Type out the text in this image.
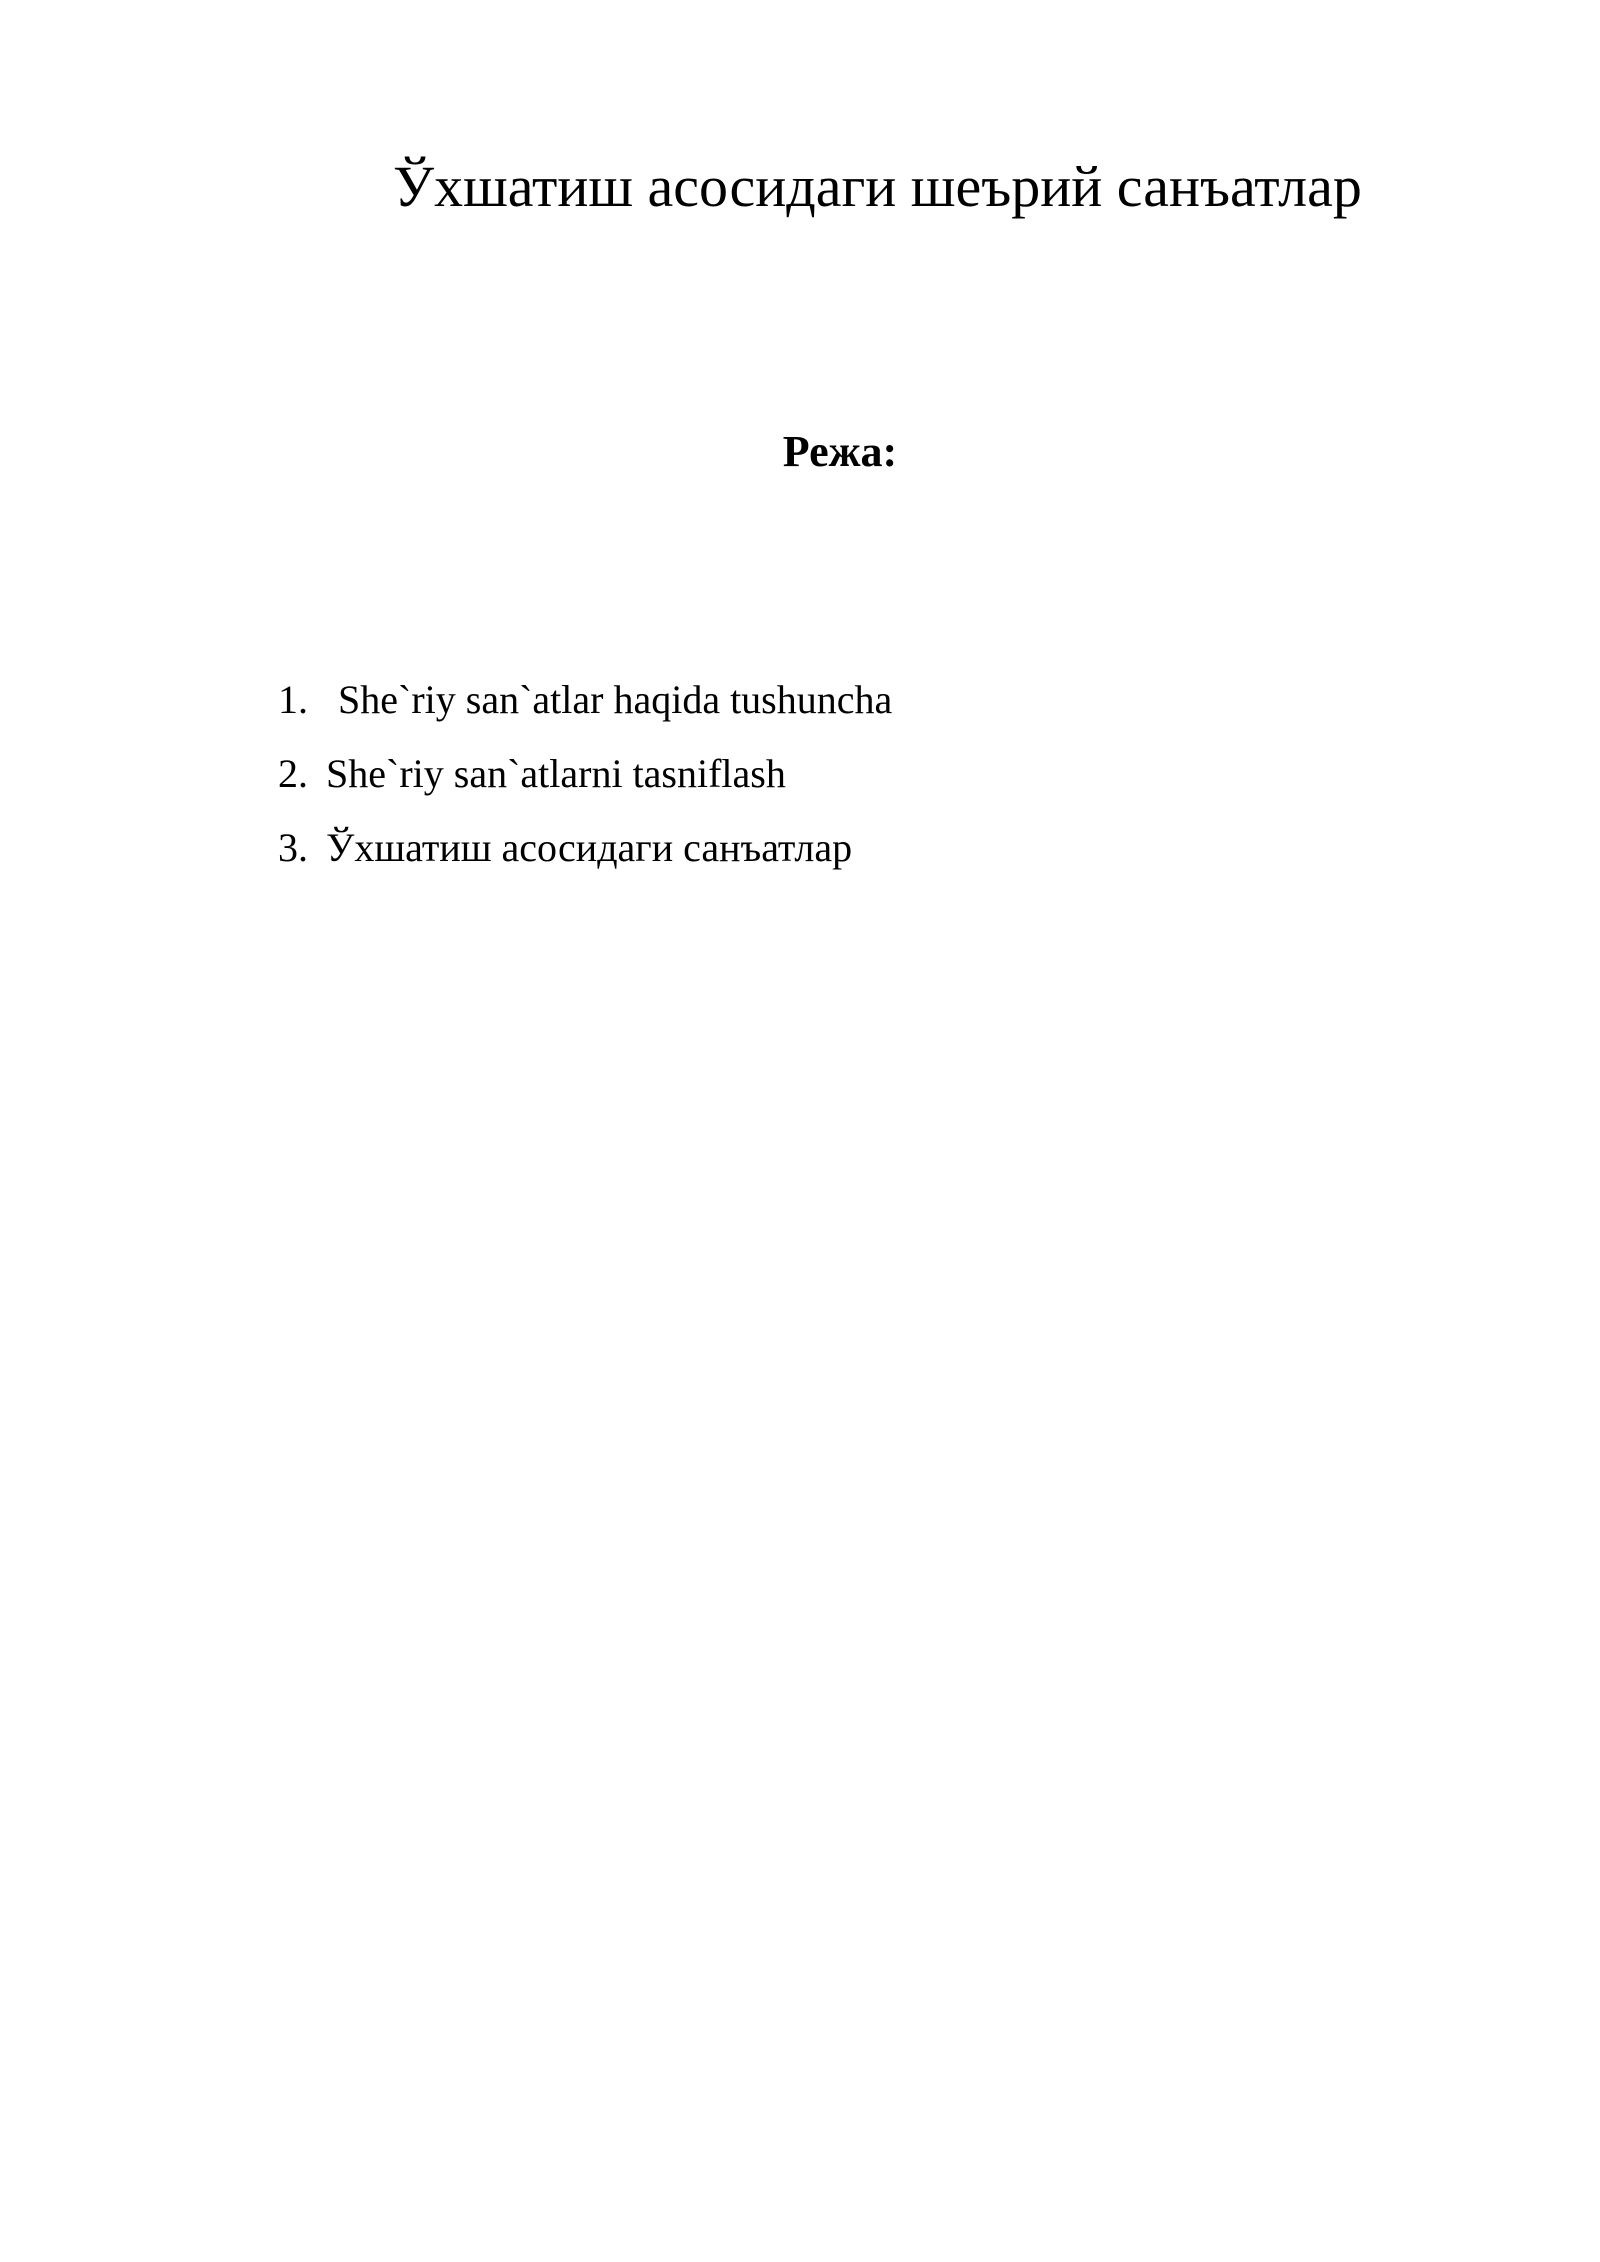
Ўхшатиш асосидаги шеърий санъатлар
Режа:
1. She`riy san`atlar haqida tushuncha
2. She`riy san`atlarni tasniflash
3. Ўхшатиш асосидаги санъатлар
